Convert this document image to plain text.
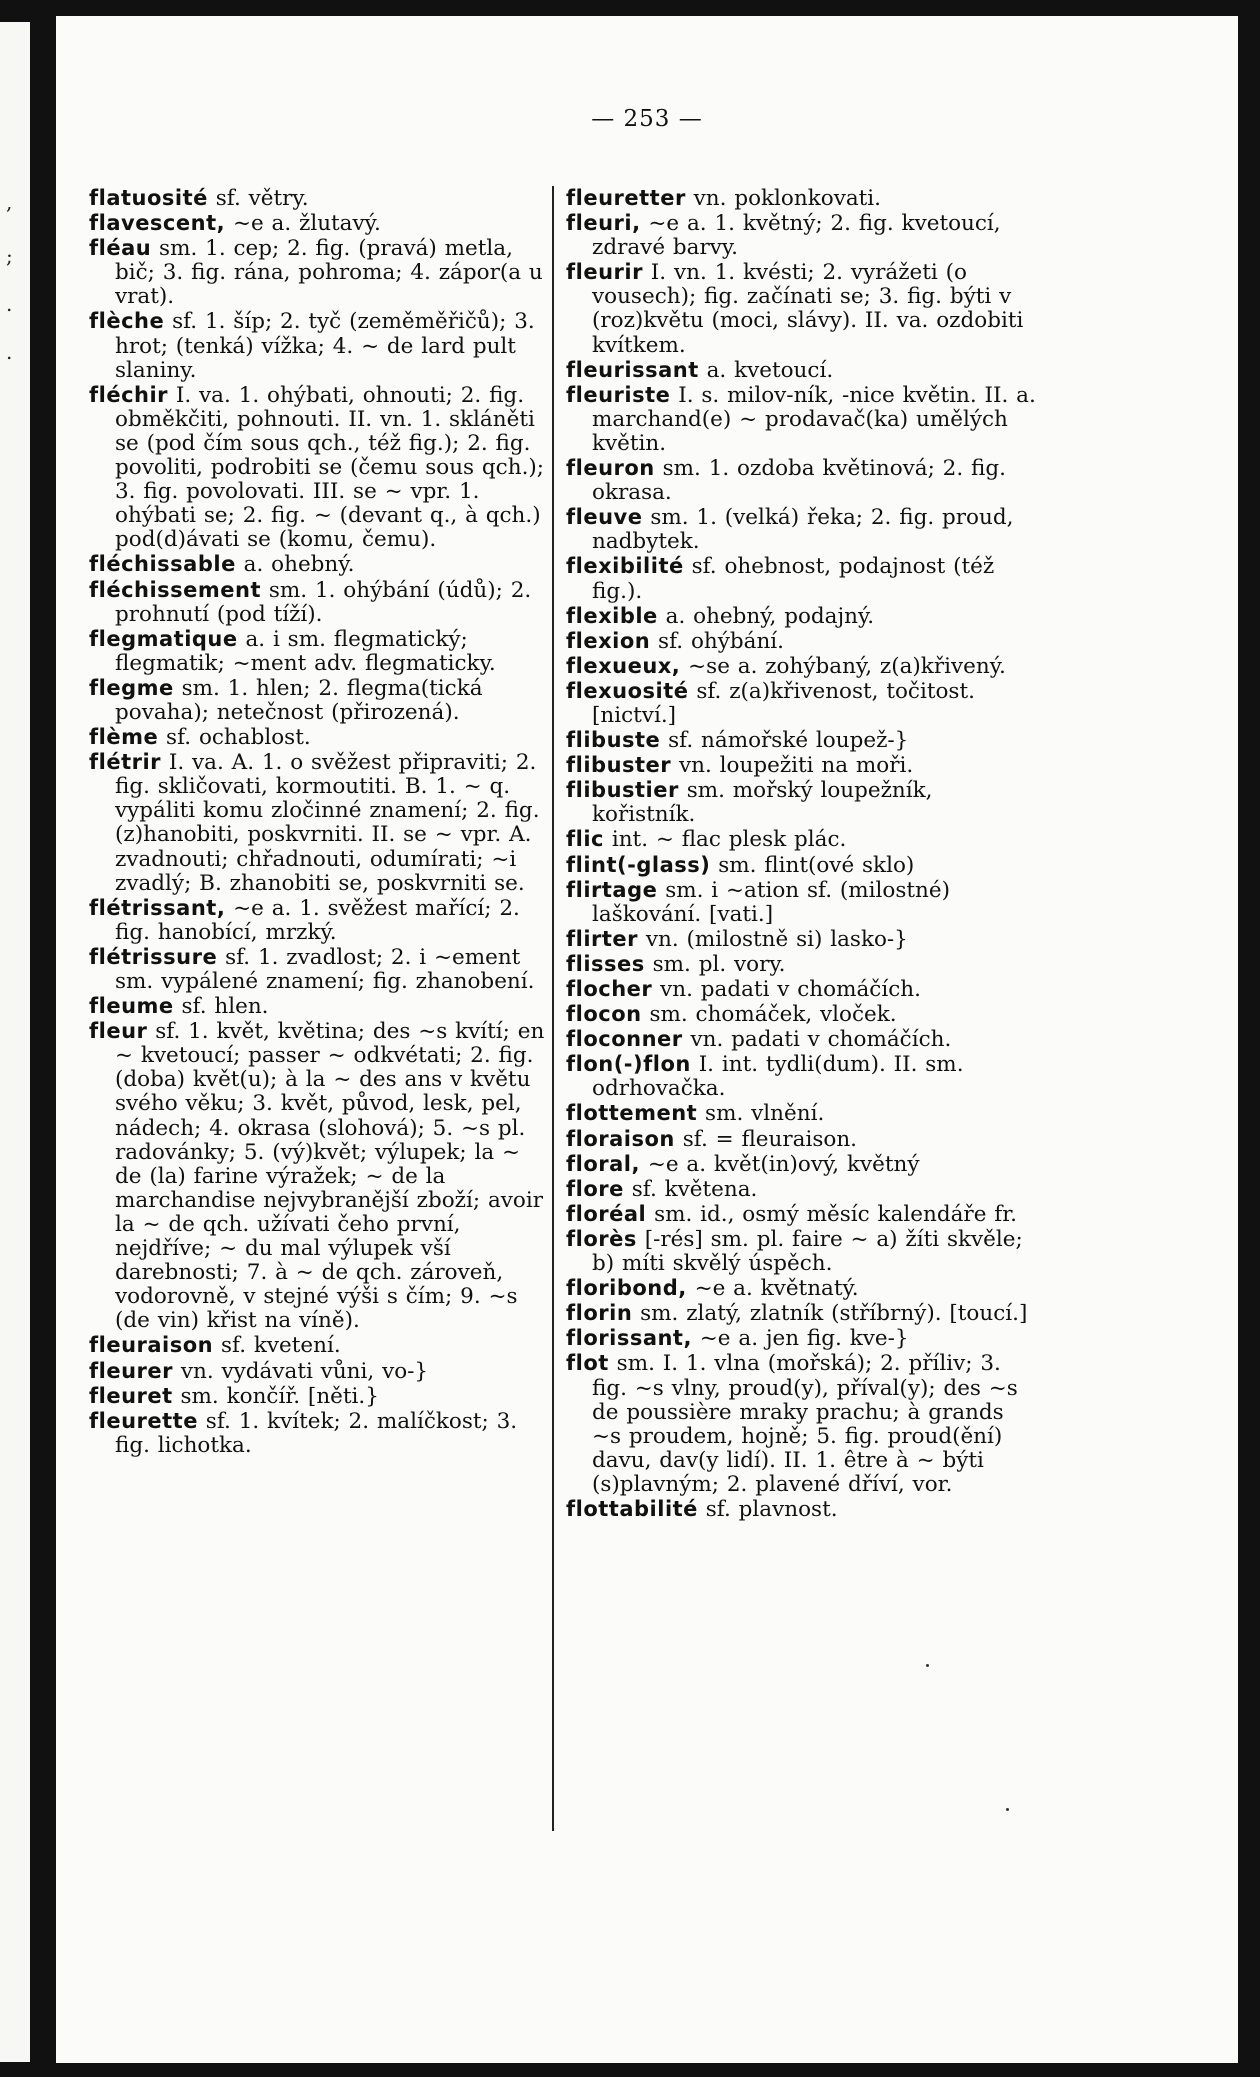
,
;
.
.
— 253 —

flatuosité sf. větry.

flavescent, ~e a. žlutavý.

fléau sm. 1. cep; 2. fig. (pravá) metla, bič; 3. fig. rána, pohroma; 4. zápor(a u vrat).

flèche sf. 1. šíp; 2. tyč (zeměměřičů); 3. hrot; (tenká) vížka; 4. ~ de lard pult slaniny.

fléchir I. va. 1. ohýbati, ohnouti; 2. fig. obměkčiti, pohnouti. II. vn. 1. skláněti se (pod čím sous qch., též fig.); 2. fig. povoliti, podrobiti se (čemu sous qch.); 3. fig. povolovati. III. se ~ vpr. 1. ohýbati se; 2. fig. ~ (devant q., à qch.) pod(d)ávati se (komu, čemu).

fléchissable a. ohebný.

fléchissement sm. 1. ohýbání (údů); 2. prohnutí (pod tíží).

flegmatique a. i sm. flegmatický; flegmatik; ~ment adv. flegmaticky.

flegme sm. 1. hlen; 2. flegma(tická povaha); netečnost (přirozená).

flème sf. ochablost.

flétrir I. va. A. 1. o svěžest připraviti; 2. fig. skličovati, kormoutiti. B. 1. ~ q. vypáliti komu zločinné znamení; 2. fig. (z)hanobiti, poskvrniti. II. se ~ vpr. A. zvadnouti; chřadnouti, odumírati; ~i zvadlý; B. zhanobiti se, poskvrniti se.

flétrissant, ~e a. 1. svěžest mařící; 2. fig. hanobící, mrzký.

flétrissure sf. 1. zvadlost; 2. i ~ement sm. vypálené znamení; fig. zhanobení.

fleume sf. hlen.

fleur sf. 1. květ, květina; des ~s kvítí; en ~ kvetoucí; passer ~ odkvétati; 2. fig. (doba) květ(u); à la ~ des ans v květu svého věku; 3. květ, původ, lesk, pel, nádech; 4. okrasa (slohová); 5. ~s pl. radovánky; 5. (vý)květ; výlupek; la ~ de (la) farine výražek; ~ de la marchandise nejvybranější zboží; avoir la ~ de qch. užívati čeho první, nejdříve; ~ du mal výlupek vší darebnosti; 7. à ~ de qch. zároveň, vodorovně, v stejné výši s čím; 9. ~s (de vin) křist na víně).

fleuraison sf. kvetení.

fleurer vn. vydávati vůni, vo-}

fleuret sm. končíř. [něti.}

fleurette sf. 1. kvítek; 2. malíčkost; 3. fig. lichotka.

fleuretter vn. poklonkovati.

fleuri, ~e a. 1. květný; 2. fig. kvetoucí, zdravé barvy.

fleurir I. vn. 1. kvésti; 2. vyrážeti (o vousech); fig. začínati se; 3. fig. býti v (roz)květu (moci, slávy). II. va. ozdobiti kvítkem.

fleurissant a. kvetoucí.

fleuriste I. s. milov-ník, -nice květin. II. a. marchand(e) ~ prodavač(ka) umělých květin.

fleuron sm. 1. ozdoba květinová; 2. fig. okrasa.

fleuve sm. 1. (velká) řeka; 2. fig. proud, nadbytek.

flexibilité sf. ohebnost, podajnost (též fig.).

flexible a. ohebný, podajný.

flexion sf. ohýbání.

flexueux, ~se a. zohýbaný, z(a)křivený.

flexuosité sf. z(a)křivenost, točitost. [nictví.]

flibuste sf. námořské loupež-}

flibuster vn. loupežiti na moři.

flibustier sm. mořský loupežník, kořistník.

flic int. ~ flac plesk plác.

flint(-glass) sm. flint(ové sklo)

flirtage sm. i ~ation sf. (milostné) laškování. [vati.]

flirter vn. (milostně si) lasko-}

flisses sm. pl. vory.

flocher vn. padati v chomáčích.

flocon sm. chomáček, vloček.

floconner vn. padati v chomáčích.

flon(-)flon I. int. tydli(dum). II. sm. odrhovačka.

flottement sm. vlnění.

floraison sf. = fleuraison.

floral, ~e a. květ(in)ový, květný

flore sf. květena.

floréal sm. id., osmý měsíc kalendáře fr.

florès [-rés] sm. pl. faire ~ a) žíti skvěle; b) míti skvělý úspěch.

floribond, ~e a. květnatý.

florin sm. zlatý, zlatník (stříbrný). [toucí.]

florissant, ~e a. jen fig. kve-}

flot sm. I. 1. vlna (mořská); 2. příliv; 3. fig. ~s vlny, proud(y), příval(y); des ~s de poussière mraky prachu; à grands ~s proudem, hojně; 5. fig. proud(ění) davu, dav(y lidí). II. 1. être à ~ býti (s)plavným; 2. plavené dříví, vor.

flottabilité sf. plavnost.
